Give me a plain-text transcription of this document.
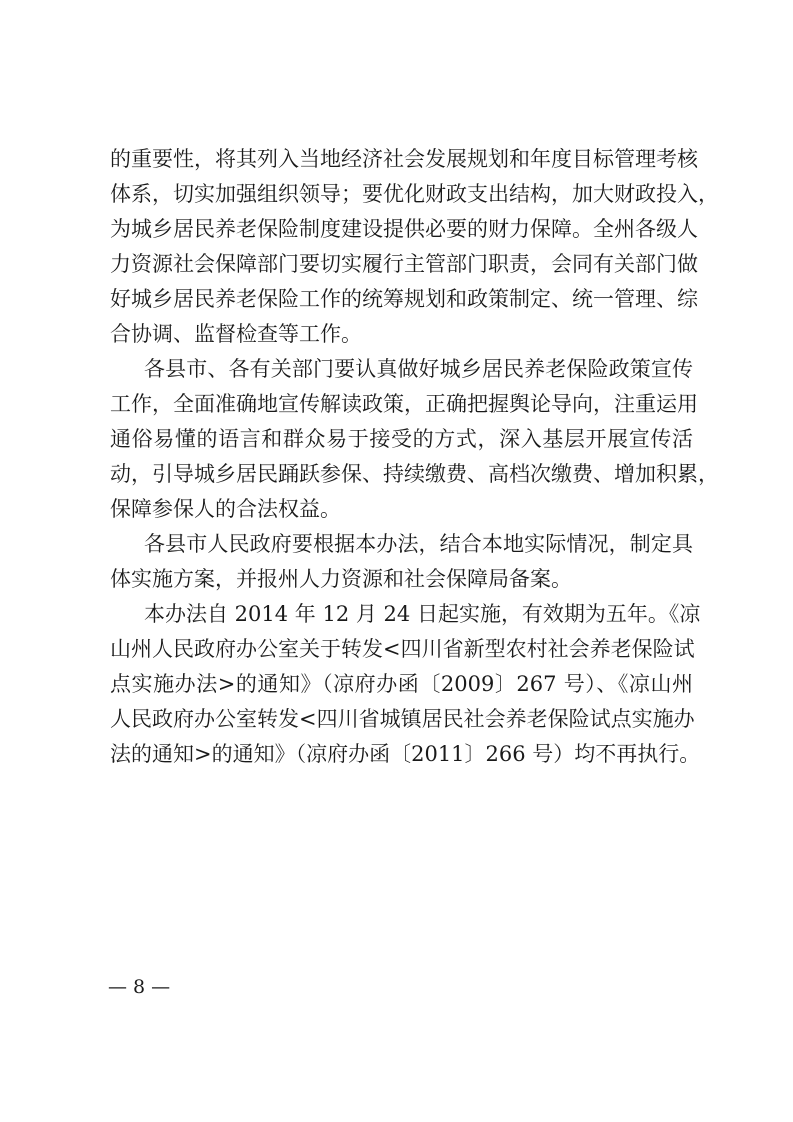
的重要性，将其列入当地经济社会发展规划和年度目标管理考核
体系，切实加强组织领导；要优化财政支出结构，加大财政投入，
为城乡居民养老保险制度建设提供必要的财力保障。全州各级人
力资源社会保障部门要切实履行主管部门职责，会同有关部门做
好城乡居民养老保险工作的统筹规划和政策制定、统一管理、综
合协调、监督检查等工作。
各县市、各有关部门要认真做好城乡居民养老保险政策宣传
工作，全面准确地宣传解读政策，正确把握舆论导向，注重运用
通俗易懂的语言和群众易于接受的方式，深入基层开展宣传活
动，引导城乡居民踊跃参保、持续缴费、高档次缴费、增加积累，
保障参保人的合法权益。
各县市人民政府要根据本办法，结合本地实际情况，制定具
体实施方案，并报州人力资源和社会保障局备案。
本办法自 2014 年 12 月 24 日起实施，有效期为五年。《凉
山州人民政府办公室关于转发<四川省新型农村社会养老保险试
点实施办法>的通知》（凉府办函〔2009〕267 号）、《凉山州
人民政府办公室转发<四川省城镇居民社会养老保险试点实施办
法的通知>的通知》（凉府办函〔2011〕266 号）均不再执行。
— 8 —
